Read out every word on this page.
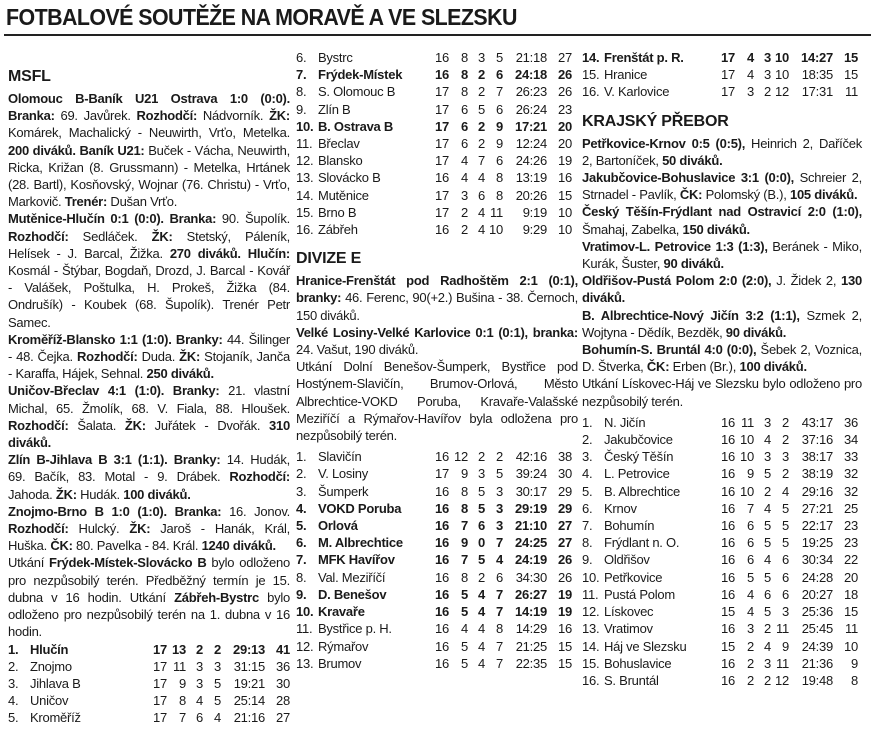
FOTBALOVÉ SOUTĚŽE NA MORAVĚ A VE SLEZSKU
MSFL

Olomouc B-Baník U21 Ostrava 1:0 (0:0). Branka: 69. Javůrek. Rozhodčí: Nádvorník. ŽK: Komárek, Machalický - Neuwirth, Vrťo, Metelka. 200 diváků. Baník U21: Buček - Vácha, Neuwirth, Ricka, Križan (8. Grussmann) - Metelka, Hrtánek (28. Bartl), Kosňovský, Wojnar (76. Christu) - Vrťo, Markovič. Trenér: Dušan Vrťo.

Mutěnice-Hlučín 0:1 (0:0). Branka: 90. Šupolík. Rozhodčí: Sedláček. ŽK: Stetský, Páleník, Helísek - J. Barcal, Žižka. 270 diváků. Hlučín: Kosmál - Štýbar, Bogdaň, Drozd, J. Barcal - Kovář - Valášek, Poštulka, H. Prokeš, Žižka (84. Ondrušík) - Koubek (68. Šupolík). Trenér Petr Samec.

Kroměříž-Blansko 1:1 (1:0). Branky: 44. Šilinger - 48. Čejka. Rozhodčí: Duda. ŽK: Stojaník, Janča - Karaffa, Hájek, Sehnal. 250 diváků.

Uničov-Břeclav 4:1 (1:0). Branky: 21. vlastní Michal, 65. Žmolík, 68. V. Fiala, 88. Hloušek. Rozhodčí: Šalata. ŽK: Juřátek - Dvořák. 310 diváků.

Zlín B-Jihlava B 3:1 (1:1). Branky: 14. Hudák, 69. Bačík, 83. Motal - 9. Drábek. Rozhodčí: Jahoda. ŽK: Hudák. 100 diváků.

Znojmo-Brno B 1:0 (1:0). Branka: 16. Jonov. Rozhodčí: Hulcký. ŽK: Jaroš - Hanák, Král, Huška. ČK: 80. Pavelka - 84. Král. 1240 diváků.

Utkání Frýdek-Místek-Slovácko B bylo odloženo pro nezpůsobilý terén. Předběžný termín je 15. dubna v 16 hodin. Utkání Zábřeh-Bystrc bylo odloženo pro nezpůsobilý terén na 1. dubna v 16 hodin.

1.	Hlučín	17	13	2	2	29:13	41
2.	Znojmo	17	11	3	3	31:15	36
3.	Jihlava B	17	9	3	5	19:21	30
4.	Uničov	17	8	4	5	25:14	28
5.	Kroměříž	17	7	6	4	21:16	27
6.	Bystrc	16	8	3	5	21:18	27
7.	Frýdek-Místek	16	8	2	6	24:18	26
8.	S. Olomouc B	17	8	2	7	26:23	26
9.	Zlín B	17	6	5	6	26:24	23
10.	B. Ostrava B	17	6	2	9	17:21	20
11.	Břeclav	17	6	2	9	12:24	20
12.	Blansko	17	4	7	6	24:26	19
13.	Slovácko B	16	4	4	8	13:19	16
14.	Mutěnice	17	3	6	8	20:26	15
15.	Brno B	17	2	4	11	9:19	10
16.	Zábřeh	16	2	4	10	9:29	10
DIVIZE E

Hranice-Frenštát pod Radhoštěm 2:1 (0:1), branky: 46. Ferenc, 90(+2.) Bušina - 38. Černoch, 150 diváků.

Velké Losiny-Velké Karlovice 0:1 (0:1), branka: 24. Vašut, 190 diváků.

Utkání Dolní Benešov-Šumperk, Bystřice pod Hostýnem-Slavičín, Brumov-Orlová, Město Albrechtice-VOKD Poruba, Kravaře-Valašské Meziříčí a Rýmařov-Havířov byla odložena pro nezpůsobilý terén.

1.	Slavičín	16	12	2	2	42:16	38
2.	V. Losiny	17	9	3	5	39:24	30
3.	Šumperk	16	8	5	3	30:17	29
4.	VOKD Poruba	16	8	5	3	29:19	29
5.	Orlová	16	7	6	3	21:10	27
6.	M. Albrechtice	16	9	0	7	24:25	27
7.	MFK Havířov	16	7	5	4	24:19	26
8.	Val. Meziříčí	16	8	2	6	34:30	26
9.	D. Benešov	16	5	4	7	26:27	19
10.	Kravaře	16	5	4	7	14:19	19
11.	Bystřice p. H.	16	4	4	8	14:29	16
12.	Rýmařov	16	5	4	7	21:25	15
13.	Brumov	16	5	4	7	22:35	15
14.	Frenštát p. R.	17	4	3	10	14:27	15
15.	Hranice	17	4	3	10	18:35	15
16.	V. Karlovice	17	3	2	12	17:31	11
KRAJSKÝ PŘEBOR

Petřkovice-Krnov 0:5 (0:5), Heinrich 2, Daříček 2, Bartoníček, 50 diváků.

Jakubčovice-Bohuslavice 3:1 (0:0), Schreier 2, Strnadel - Pavlík, ČK: Polomský (B.), 105 diváků.

Český Těšín-Frýdlant nad Ostravicí 2:0 (1:0), Šmahaj, Zabelka, 150 diváků.

Vratimov-L. Petrovice 1:3 (1:3), Beránek - Miko, Kurák, Šuster, 90 diváků.

Oldřišov-Pustá Polom 2:0 (2:0), J. Židek 2, 130 diváků.

B. Albrechtice-Nový Jičín 3:2 (1:1), Szmek 2, Wojtyna - Dědík, Bezděk, 90 diváků.

Bohumín-S. Bruntál 4:0 (0:0), Šebek 2, Voznica, D. Štverka, ČK: Erben (Br.), 100 diváků.

Utkání Lískovec-Háj ve Slezsku bylo odloženo pro nezpůsobilý terén.

1.	N. Jičín	16	11	3	2	43:17	36
2.	Jakubčovice	16	10	4	2	37:16	34
3.	Český Těšín	16	10	3	3	38:17	33
4.	L. Petrovice	16	9	5	2	38:19	32
5.	B. Albrechtice	16	10	2	4	29:16	32
6.	Krnov	16	7	4	5	27:21	25
7.	Bohumín	16	6	5	5	22:17	23
8.	Frýdlant n. O.	16	6	5	5	19:25	23
9.	Oldřišov	16	6	4	6	30:34	22
10.	Petřkovice	16	5	5	6	24:28	20
11.	Pustá Polom	16	4	6	6	20:27	18
12.	Lískovec	15	4	5	3	25:36	15
13.	Vratimov	16	3	2	11	25:45	11
14.	Háj ve Slezsku	15	2	4	9	24:39	10
15.	Bohuslavice	16	2	3	11	21:36	9
16.	S. Bruntál	16	2	2	12	19:48	8
